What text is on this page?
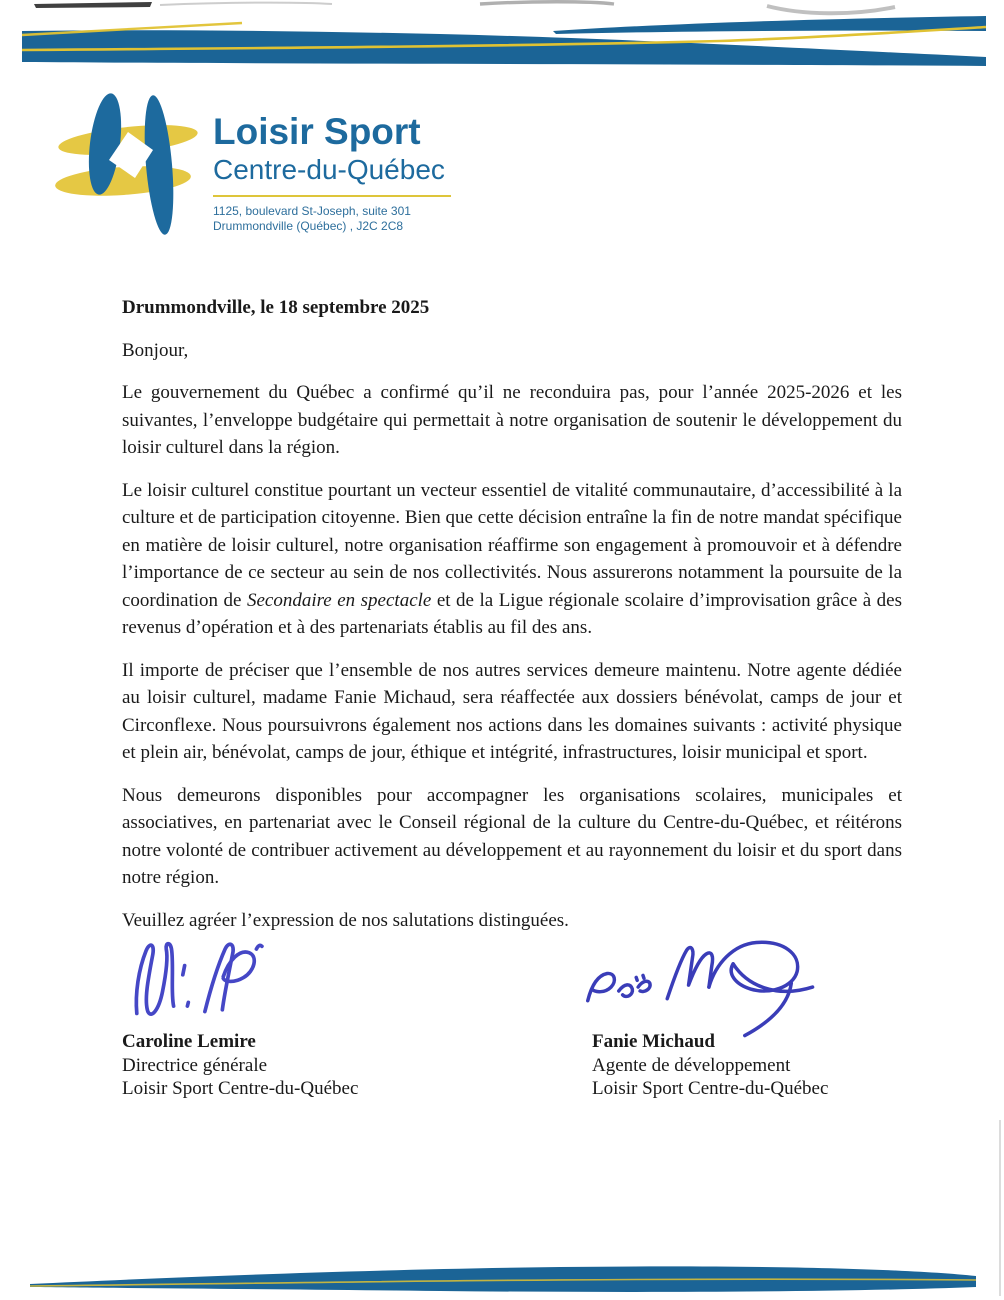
Loisir Sport
Centre-du-Québec
1125, boulevard St-Joseph, suite 301
Drummondville (Québec) , J2C 2C8

Drummondville, le 18 septembre 2025

Bonjour,

Le gouvernement du Québec a confirmé qu’il ne reconduira pas, pour l’année 2025-2026 et les suivantes, l’enveloppe budgétaire qui permettait à notre organisation de soutenir le développement du loisir culturel dans la région.

Le loisir culturel constitue pourtant un vecteur essentiel de vitalité communautaire, d’accessibilité à la culture et de participation citoyenne. Bien que cette décision entraîne la fin de notre mandat spécifique en matière de loisir culturel, notre organisation réaffirme son engagement à promouvoir et à défendre l’importance de ce secteur au sein de nos collectivités. Nous assurerons notamment la poursuite de la coordination de Secondaire en spectacle et de la Ligue régionale scolaire d’improvisation grâce à des revenus d’opération et à des partenariats établis au fil des ans.

Il importe de préciser que l’ensemble de nos autres services demeure maintenu. Notre agente dédiée au loisir culturel, madame Fanie Michaud, sera réaffectée aux dossiers bénévolat, camps de jour et Circonflexe. Nous poursuivrons également nos actions dans les domaines suivants : activité physique et plein air, bénévolat, camps de jour, éthique et intégrité, infrastructures, loisir municipal et sport.

Nous demeurons disponibles pour accompagner les organisations scolaires, municipales et associatives, en partenariat avec le Conseil régional de la culture du Centre-du-Québec, et réitérons notre volonté de contribuer activement au développement et au rayonnement du loisir et du sport dans notre région.

Veuillez agréer l’expression de nos salutations distinguées.

Caroline Lemire
Directrice générale
Loisir Sport Centre-du-Québec
Fanie Michaud
Agente de développement
Loisir Sport Centre-du-Québec
